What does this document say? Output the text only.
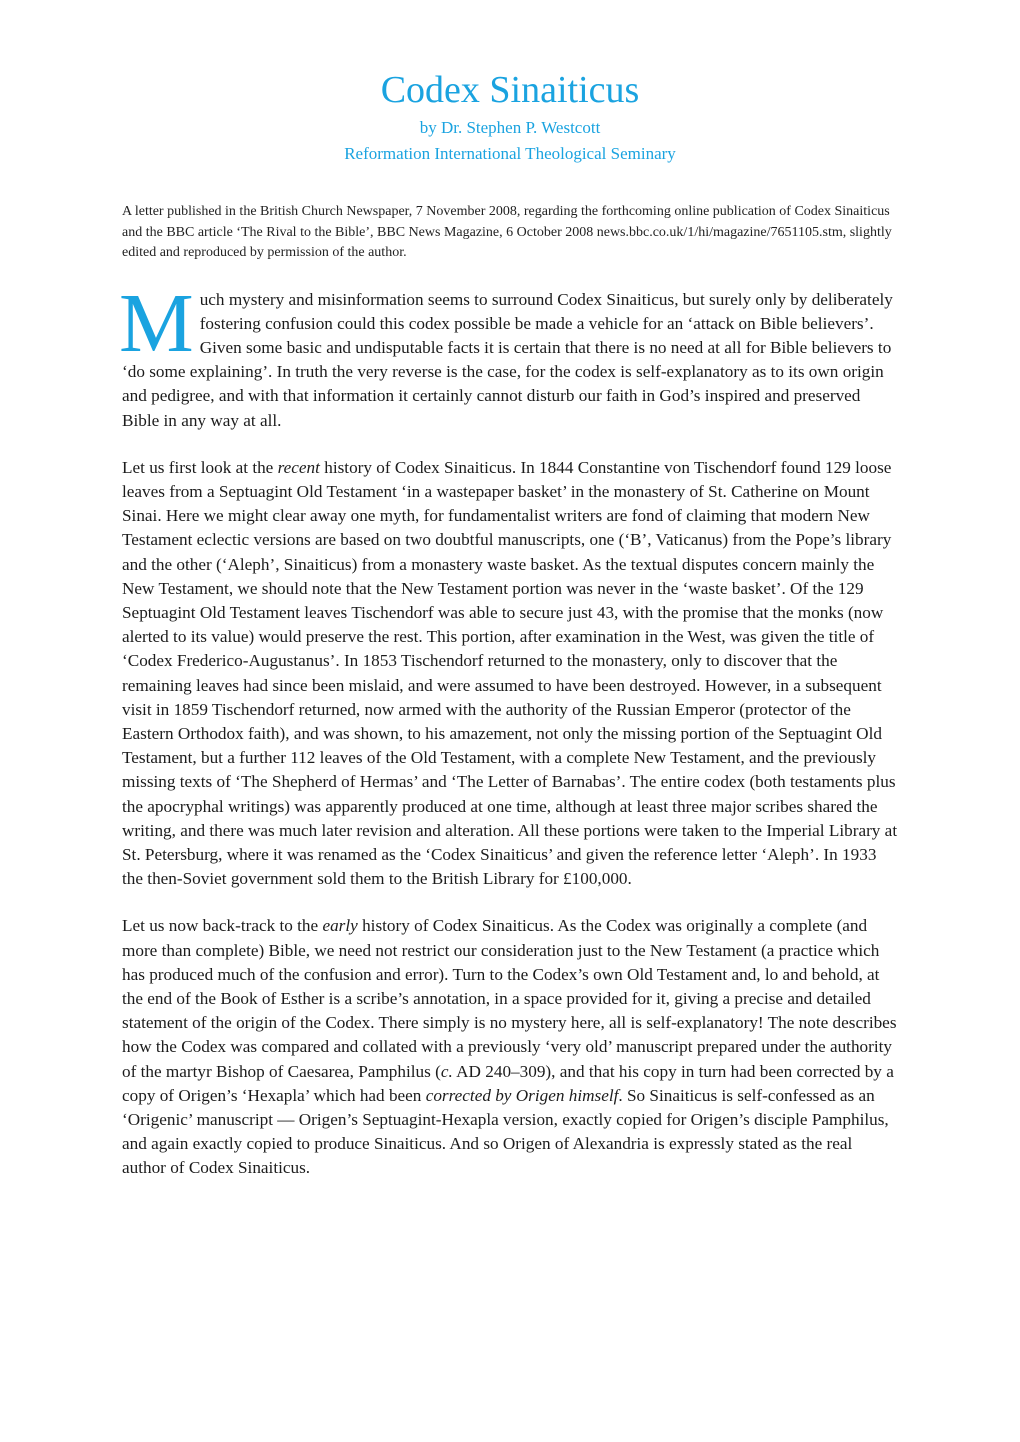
Codex Sinaiticus
by Dr. Stephen P. Westcott
Reformation International Theological Seminary

A letter published in the British Church Newspaper, 7 November 2008, regarding the forthcoming online publication of Codex Sinaiticus and the BBC article ‘The Rival to the Bible’, BBC News Magazine, 6 October 2008 news.bbc.co.uk/1/hi/magazine/7651105.stm, slightly edited and reproduced by permission of the author.

Much mystery and misinformation seems to surround Codex Sinaiticus, but surely only by deliberately fostering confusion could this codex possible be made a vehicle for an ‘attack on Bible believers’. Given some basic and undisputable facts it is certain that there is no need at all for Bible believers to ‘do some explaining’. In truth the very reverse is the case, for the codex is self-explanatory as to its own origin and pedigree, and with that information it certainly cannot disturb our faith in God’s inspired and preserved Bible in any way at all.

Let us first look at the recent history of Codex Sinaiticus. In 1844 Constantine von Tischendorf found 129 loose leaves from a Septuagint Old Testament ‘in a wastepaper basket’ in the monastery of St. Catherine on Mount Sinai. Here we might clear away one myth, for fundamentalist writers are fond of claiming that modern New Testament eclectic versions are based on two doubtful manuscripts, one (‘B’, Vaticanus) from the Pope’s library and the other (‘Aleph’, Sinaiticus) from a monastery waste basket. As the textual disputes concern mainly the New Testament, we should note that the New Testament portion was never in the ‘waste basket’. Of the 129 Septuagint Old Testament leaves Tischendorf was able to secure just 43, with the promise that the monks (now alerted to its value) would preserve the rest. This portion, after examination in the West, was given the title of ‘Codex Frederico-Augustanus’. In 1853 Tischendorf returned to the monastery, only to discover that the remaining leaves had since been mislaid, and were assumed to have been destroyed. However, in a subsequent visit in 1859 Tischendorf returned, now armed with the authority of the Russian Emperor (protector of the Eastern Orthodox faith), and was shown, to his amazement, not only the missing portion of the Septuagint Old Testament, but a further 112 leaves of the Old Testament, with a complete New Testament, and the previously missing texts of ‘The Shepherd of Hermas’ and ‘The Letter of Barnabas’. The entire codex (both testaments plus the apocryphal writings) was apparently produced at one time, although at least three major scribes shared the writing, and there was much later revision and alteration. All these portions were taken to the Imperial Library at St. Petersburg, where it was renamed as the ‘Codex Sinaiticus’ and given the reference letter ‘Aleph’. In 1933 the then-Soviet government sold them to the British Library for £100,000.

Let us now back-track to the early history of Codex Sinaiticus. As the Codex was originally a complete (and more than complete) Bible, we need not restrict our consideration just to the New Testament (a practice which has produced much of the confusion and error). Turn to the Codex’s own Old Testament and, lo and behold, at the end of the Book of Esther is a scribe’s annotation, in a space provided for it, giving a precise and detailed statement of the origin of the Codex. There simply is no mystery here, all is self-explanatory! The note describes how the Codex was compared and collated with a previously ‘very old’ manuscript prepared under the authority of the martyr Bishop of Caesarea, Pamphilus (c. AD 240–309), and that his copy in turn had been corrected by a copy of Origen’s ‘Hexapla’ which had been corrected by Origen himself. So Sinaiticus is self-confessed as an ‘Origenic’ manuscript — Origen’s Septuagint-Hexapla version, exactly copied for Origen’s disciple Pamphilus, and again exactly copied to produce Sinaiticus. And so Origen of Alexandria is expressly stated as the real author of Codex Sinaiticus.
